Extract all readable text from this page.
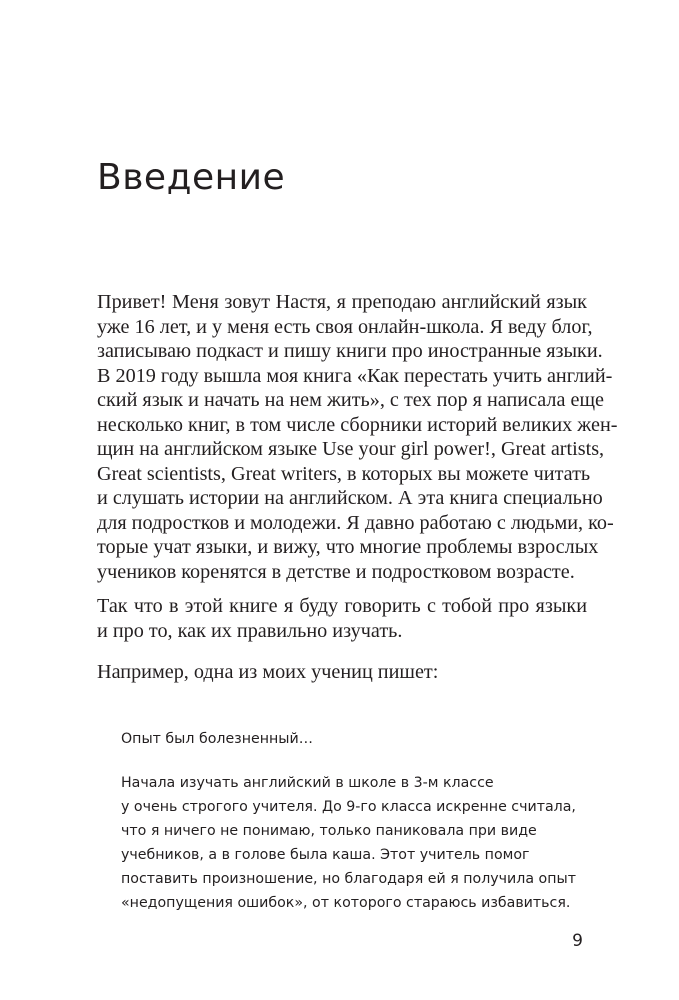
Введение
Привет! Меня зовут Настя, я преподаю английский язык
уже 16 лет, и у меня есть своя онлайн-школа. Я веду блог,
записываю подкаст и пишу книги про иностранные языки.
В 2019 году вышла моя книга «Как перестать учить англий-
ский язык и начать на нем жить», с тех пор я написала еще
несколько книг, в том числе сборники историй великих жен-
щин на английском языке Use your girl power!, Great artists,
Great scientists, Great writers, в которых вы можете читать
и слушать истории на английском. А эта книга специально
для подростков и молодежи. Я давно работаю с людьми, ко-
торые учат языки, и вижу, что многие проблемы взрослых
учеников коренятся в детстве и подростковом возрасте.
Так что в этой книге я буду говорить с тобой про языки
и про то, как их правильно изучать.
Например, одна из моих учениц пишет:
Опыт был болезненный…
Начала изучать английский в школе в 3-м классе
у очень строгого учителя. До 9-го класса искренне считала,
что я ничего не понимаю, только паниковала при виде
учебников, а в голове была каша. Этот учитель помог
поставить произношение, но благодаря ей я получила опыт
«недопущения ошибок», от которого стараюсь избавиться.
9
